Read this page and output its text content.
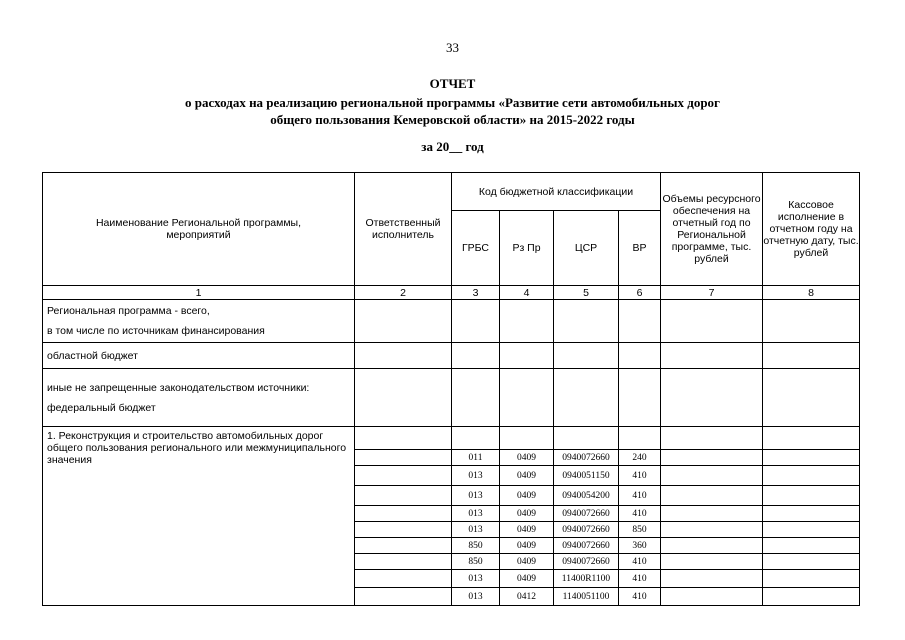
33
ОТЧЕТ
о расходах на реализацию региональной программы «Развитие сети автомобильных дорог
общего пользования Кемеровской области» на 2015-2022 годы
за 20__ год
Наименование Региональной программы, мероприятий	Ответственный исполнитель	Код бюджетной классификации				Объемы ресурсного обеспечения на отчетный год по Региональной программе, тыс. рублей	Кассовое исполнение в отчетном году на отчетную дату, тыс. рублей
		ГРБС	Рз Пр	ЦСР	ВР		
1	2	3	4	5	6	7	8

Региональная программа - всего,
в том числе по источникам финансирования							

областной бюджет							

иные не запрещенные законодательством источники:
федеральный бюджет							

1. Реконструкция и строительство автомобильных дорог общего пользования регионального или межмуниципального значения							
		011	0409	0940072660	240		
		013	0409	0940051150	410		
		013	0409	0940054200	410		
		013	0409	0940072660	410		
		013	0409	0940072660	850		
		850	0409	0940072660	360		
		850	0409	0940072660	410		
		013	0409	11400R1100	410		
		013	0412	1140051100	410		
